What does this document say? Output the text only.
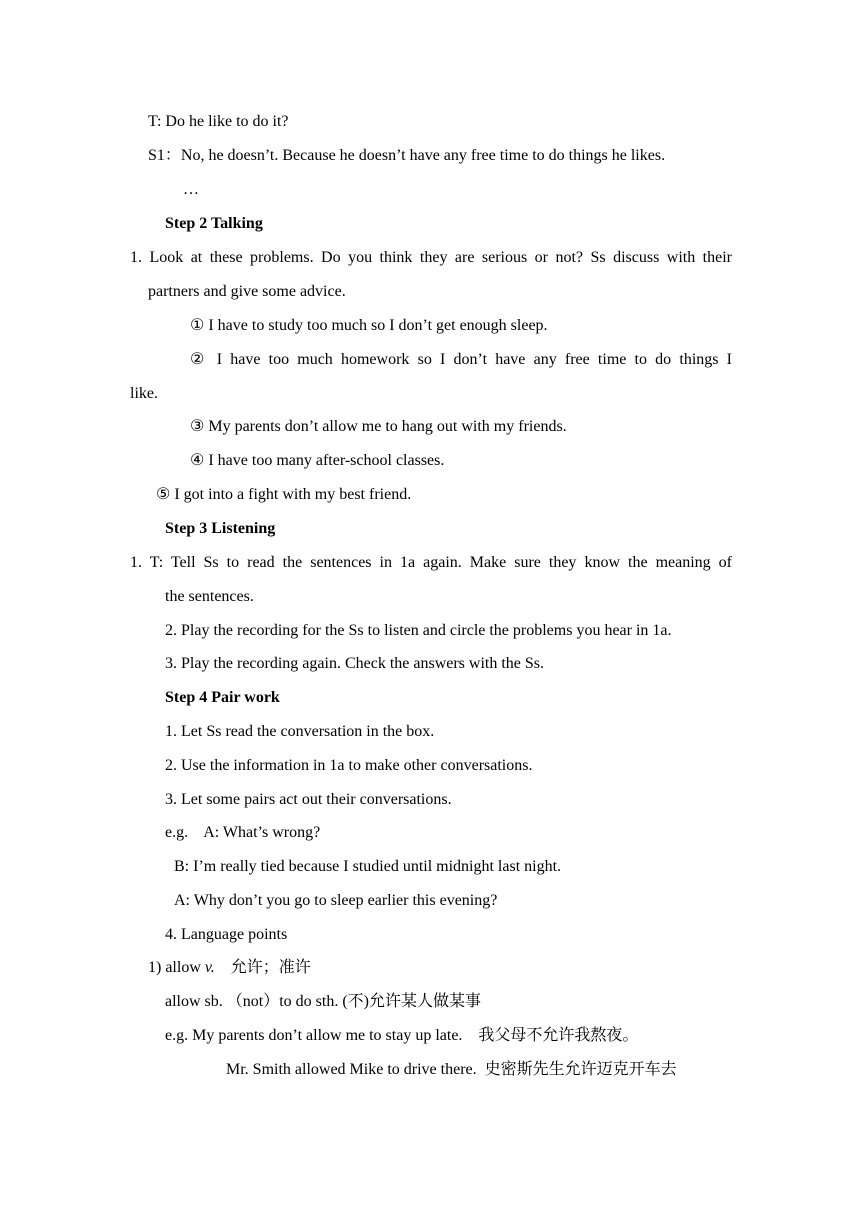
T: Do he like to do it?
S1：No, he doesn’t. Because he doesn’t have any free time to do things he likes.
…
Step 2 Talking
1. Look at these problems. Do you think they are serious or not? Ss discuss with their
partners and give some advice.
① I have to study too much so I don’t get enough sleep.
② I have too much homework so I don’t have any free time to do things I
like.
③ My parents don’t allow me to hang out with my friends.
④ I have too many after-school classes.
⑤ I got into a fight with my best friend.
Step 3 Listening
1. T: Tell Ss to read the sentences in 1a again. Make sure they know the meaning of
the sentences.
2. Play the recording for the Ss to listen and circle the problems you hear in 1a.
3. Play the recording again. Check the answers with the Ss.
Step 4 Pair work
1. Let Ss read the conversation in the box.
2. Use the information in 1a to make other conversations.
3. Let some pairs act out their conversations.
e.g.    A: What’s wrong?
B: I’m really tied because I studied until midnight last night.
A: Why don’t you go to sleep earlier this evening?
4. Language points
1) allow v.    允许；准许
allow sb. （not）to do sth. (不)允许某人做某事
e.g. My parents don’t allow me to stay up late.    我父母不允许我熬夜。
Mr. Smith allowed Mike to drive there.  史密斯先生允许迈克开车去
